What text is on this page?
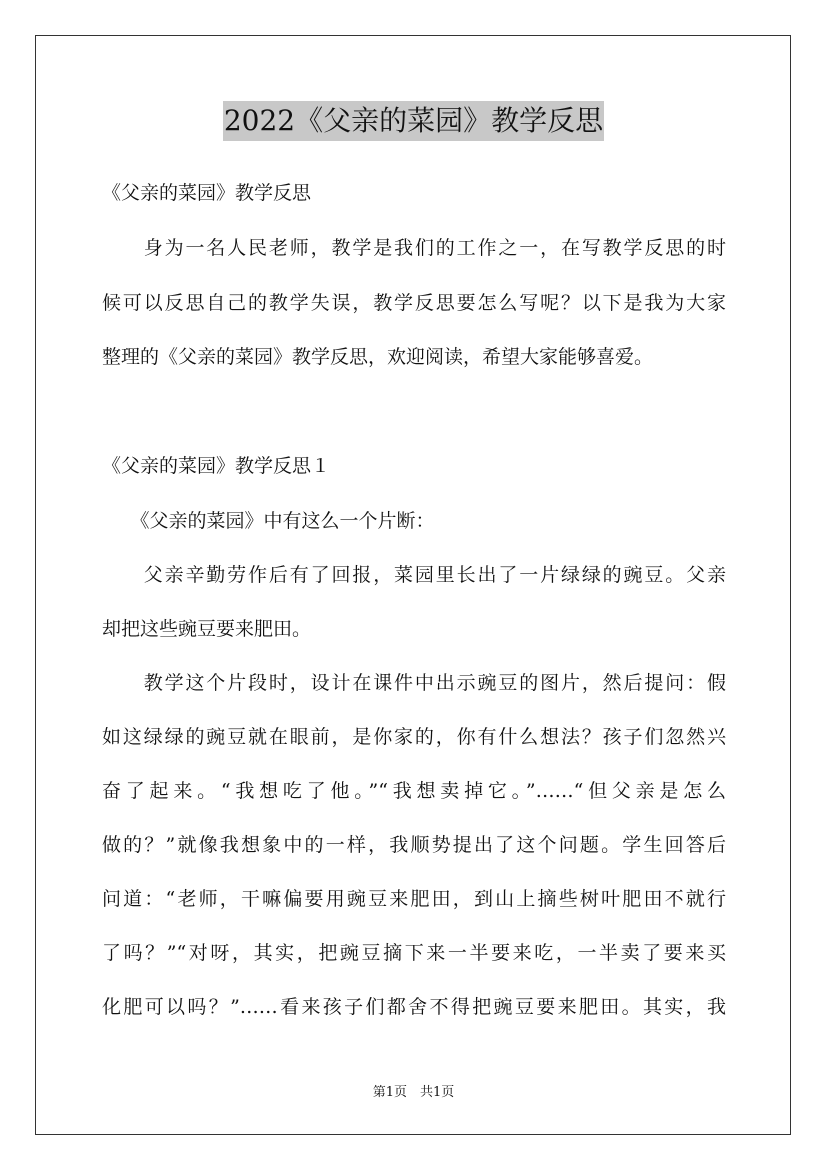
2022《父亲的菜园》教学反思
《父亲的菜园》教学反思
　　身为一名人民老师，教学是我们的工作之一，在写教学反思的时
候可以反思自己的教学失误，教学反思要怎么写呢？以下是我为大家
整理的《父亲的菜园》教学反思，欢迎阅读，希望大家能够喜爱。
《父亲的菜园》教学反思１
　　《父亲的菜园》中有这么一个片断：
　　父亲辛勤劳作后有了回报，菜园里长出了一片绿绿的豌豆。父亲
却把这些豌豆要来肥田。
　　教学这个片段时，设计在课件中出示豌豆的图片，然后提问：假
如这绿绿的豌豆就在眼前，是你家的，你有什么想法？孩子们忽然兴
奋了起来。“我想吃了他。”“我想卖掉它。”……“但父亲是怎么
做的？”就像我想象中的一样，我顺势提出了这个问题。学生回答后
问道：“老师，干嘛偏要用豌豆来肥田，到山上摘些树叶肥田不就行
了吗？”“对呀，其实，把豌豆摘下来一半要来吃，一半卖了要来买
化肥可以吗？”……看来孩子们都舍不得把豌豆要来肥田。其实，我
第1页　共1页
